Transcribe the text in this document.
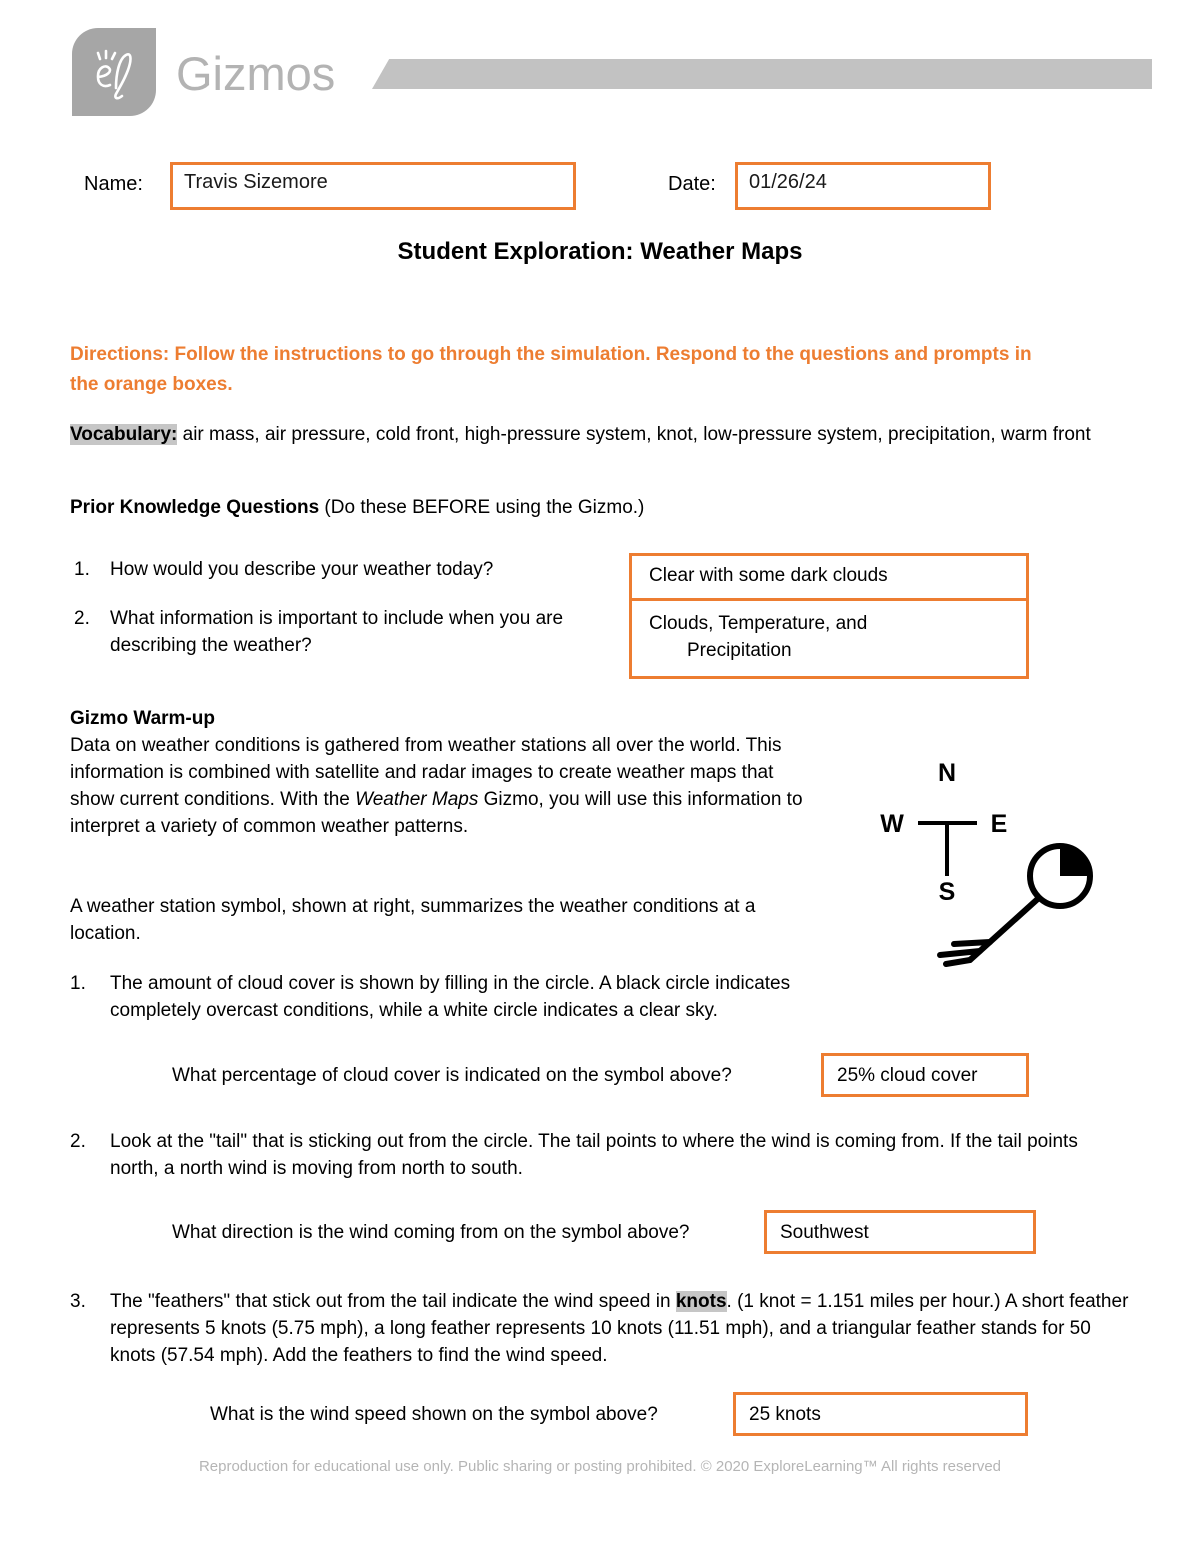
Gizmos
Name:	Travis Sizemore	Date:	01/26/24
Student Exploration: Weather Maps
Directions: Follow the instructions to go through the simulation. Respond to the questions and prompts in the orange boxes.
Vocabulary: air mass, air pressure, cold front, high-pressure system, knot, low-pressure system, precipitation, warm front
Prior Knowledge Questions (Do these BEFORE using the Gizmo.)
1. How would you describe your weather today?
2. What information is important to include when you are describing the weather?
Clear with some dark clouds
Clouds, Temperature, and
Precipitation
Gizmo Warm-up
Data on weather conditions is gathered from weather stations all over the world. This information is combined with satellite and radar images to create weather maps that show current conditions. With the Weather Maps Gizmo, you will use this information to interpret a variety of common weather patterns.
A weather station symbol, shown at right, summarizes the weather conditions at a location.
N
S
W	E
1.	The amount of cloud cover is shown by filling in the circle. A black circle indicates completely overcast conditions, while a white circle indicates a clear sky.
What percentage of cloud cover is indicated on the symbol above?	25% cloud cover
2.	Look at the "tail" that is sticking out from the circle. The tail points to where the wind is coming from. If the tail points north, a north wind is moving from north to south.
What direction is the wind coming from on the symbol above?	Southwest
3.	The "feathers" that stick out from the tail indicate the wind speed in knots. (1 knot = 1.151 miles per hour.) A short feather represents 5 knots (5.75 mph), a long feather represents 10 knots (11.51 mph), and a triangular feather stands for 50 knots (57.54 mph). Add the feathers to find the wind speed.
What is the wind speed shown on the symbol above?	25 knots
Reproduction for educational use only. Public sharing or posting prohibited. © 2020 ExploreLearning™ All rights reserved
